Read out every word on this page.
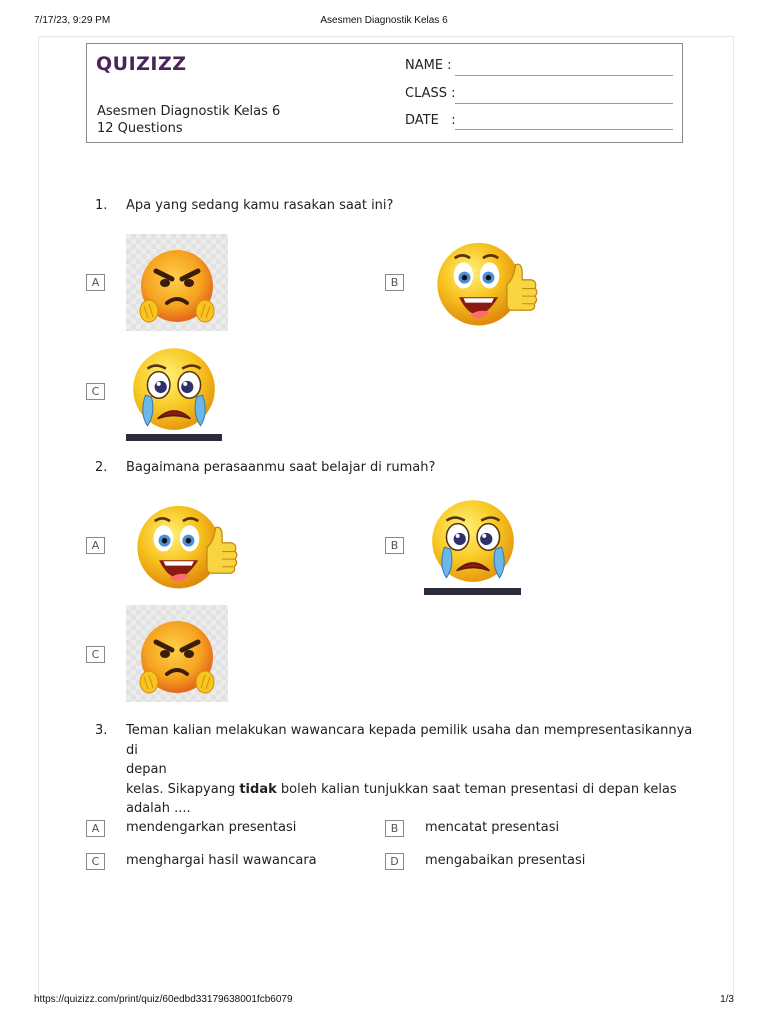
7/17/23, 9:29 PM	Asesmen Diagnostik Kelas 6
QUIZIZZ
Asesmen Diagnostik Kelas 6
12 Questions
NAME :
CLASS :
DATE   :
1. Apa yang sedang kamu rasakan saat ini?
A	B
C
2. Bagaimana perasaanmu saat belajar di rumah?
A	B
C
3. Teman kalian melakukan wawancara kepada pemilik usaha dan mempresentasikannya di
depan
kelas. Sikapyang tidak boleh kalian tunjukkan saat teman presentasi di depan kelas
adalah ....
A	mendengarkan presentasi	B	mencatat presentasi
C	menghargai hasil wawancara	D	mengabaikan presentasi
https://quizizz.com/print/quiz/60edbd33179638001fcb6079	1/3
